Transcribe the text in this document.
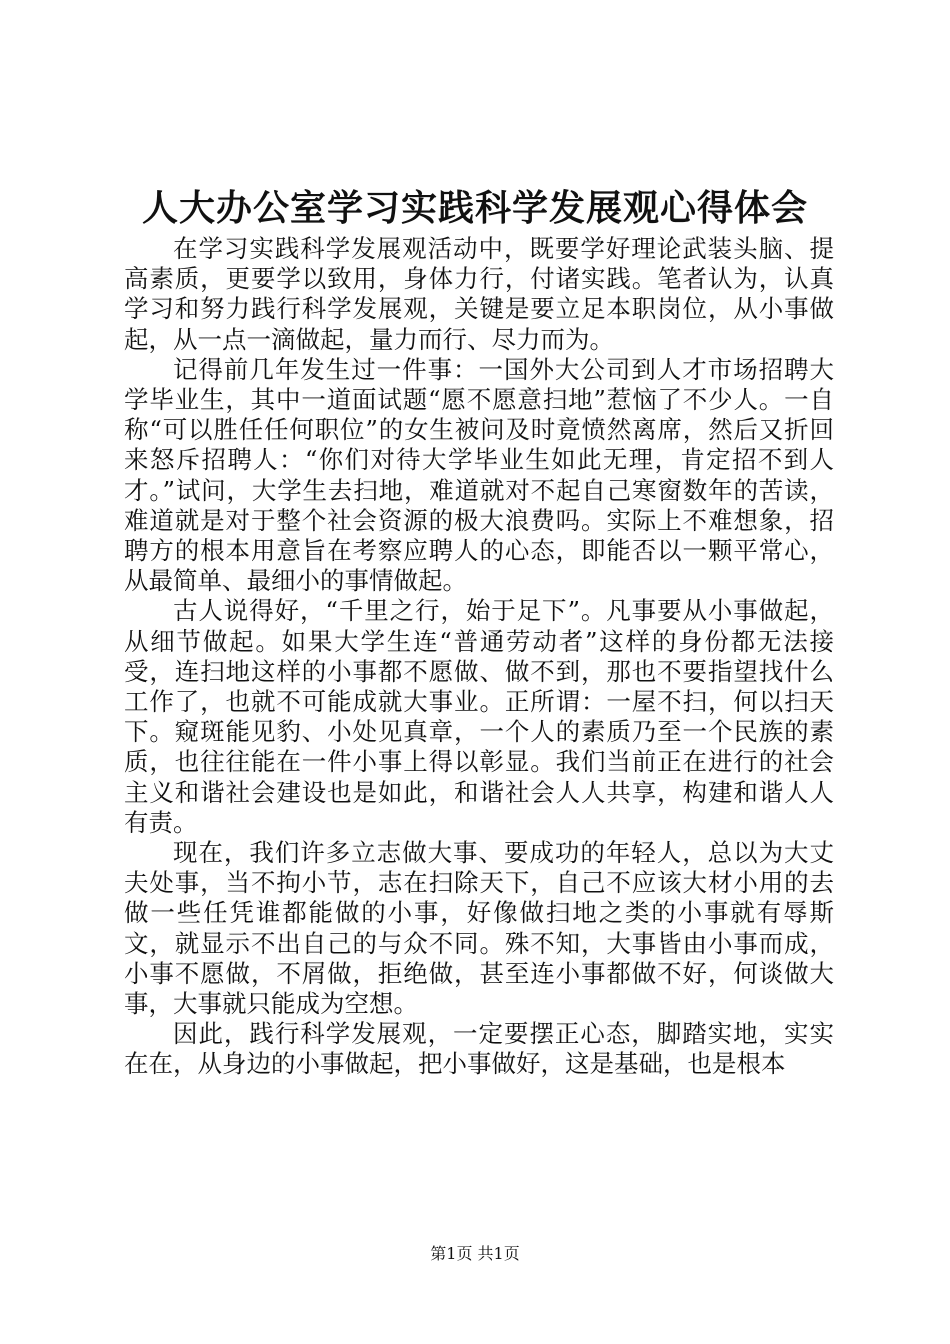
人大办公室学习实践科学发展观心得体会

在学习实践科学发展观活动中，既要学好理论武装头脑、提高素质，更要学以致用，身体力行，付诸实践。笔者认为，认真学习和努力践行科学发展观，关键是要立足本职岗位，从小事做起，从一点一滴做起，量力而行、尽力而为。

记得前几年发生过一件事：一国外大公司到人才市场招聘大学毕业生，其中一道面试题“愿不愿意扫地”惹恼了不少人。一自称“可以胜任任何职位”的女生被问及时竟愤然离席，然后又折回来怒斥招聘人：“你们对待大学毕业生如此无理，肯定招不到人才。”试问，大学生去扫地，难道就对不起自己寒窗数年的苦读，难道就是对于整个社会资源的极大浪费吗。实际上不难想象，招聘方的根本用意旨在考察应聘人的心态，即能否以一颗平常心，从最简单、最细小的事情做起。

古人说得好，“千里之行，始于足下”。凡事要从小事做起，从细节做起。如果大学生连“普通劳动者”这样的身份都无法接受，连扫地这样的小事都不愿做、做不到，那也不要指望找什么工作了，也就不可能成就大事业。正所谓：一屋不扫，何以扫天下。窥斑能见豹、小处见真章，一个人的素质乃至一个民族的素质，也往往能在一件小事上得以彰显。我们当前正在进行的社会主义和谐社会建设也是如此，和谐社会人人共享，构建和谐人人有责。

现在，我们许多立志做大事、要成功的年轻人，总以为大丈夫处事，当不拘小节，志在扫除天下，自己不应该大材小用的去做一些任凭谁都能做的小事，好像做扫地之类的小事就有辱斯文，就显示不出自己的与众不同。殊不知，大事皆由小事而成，小事不愿做，不屑做，拒绝做，甚至连小事都做不好，何谈做大事，大事就只能成为空想。

因此，践行科学发展观，一定要摆正心态，脚踏实地，实实在在，从身边的小事做起，把小事做好，这是基础，也是根本

第1页 共1页
